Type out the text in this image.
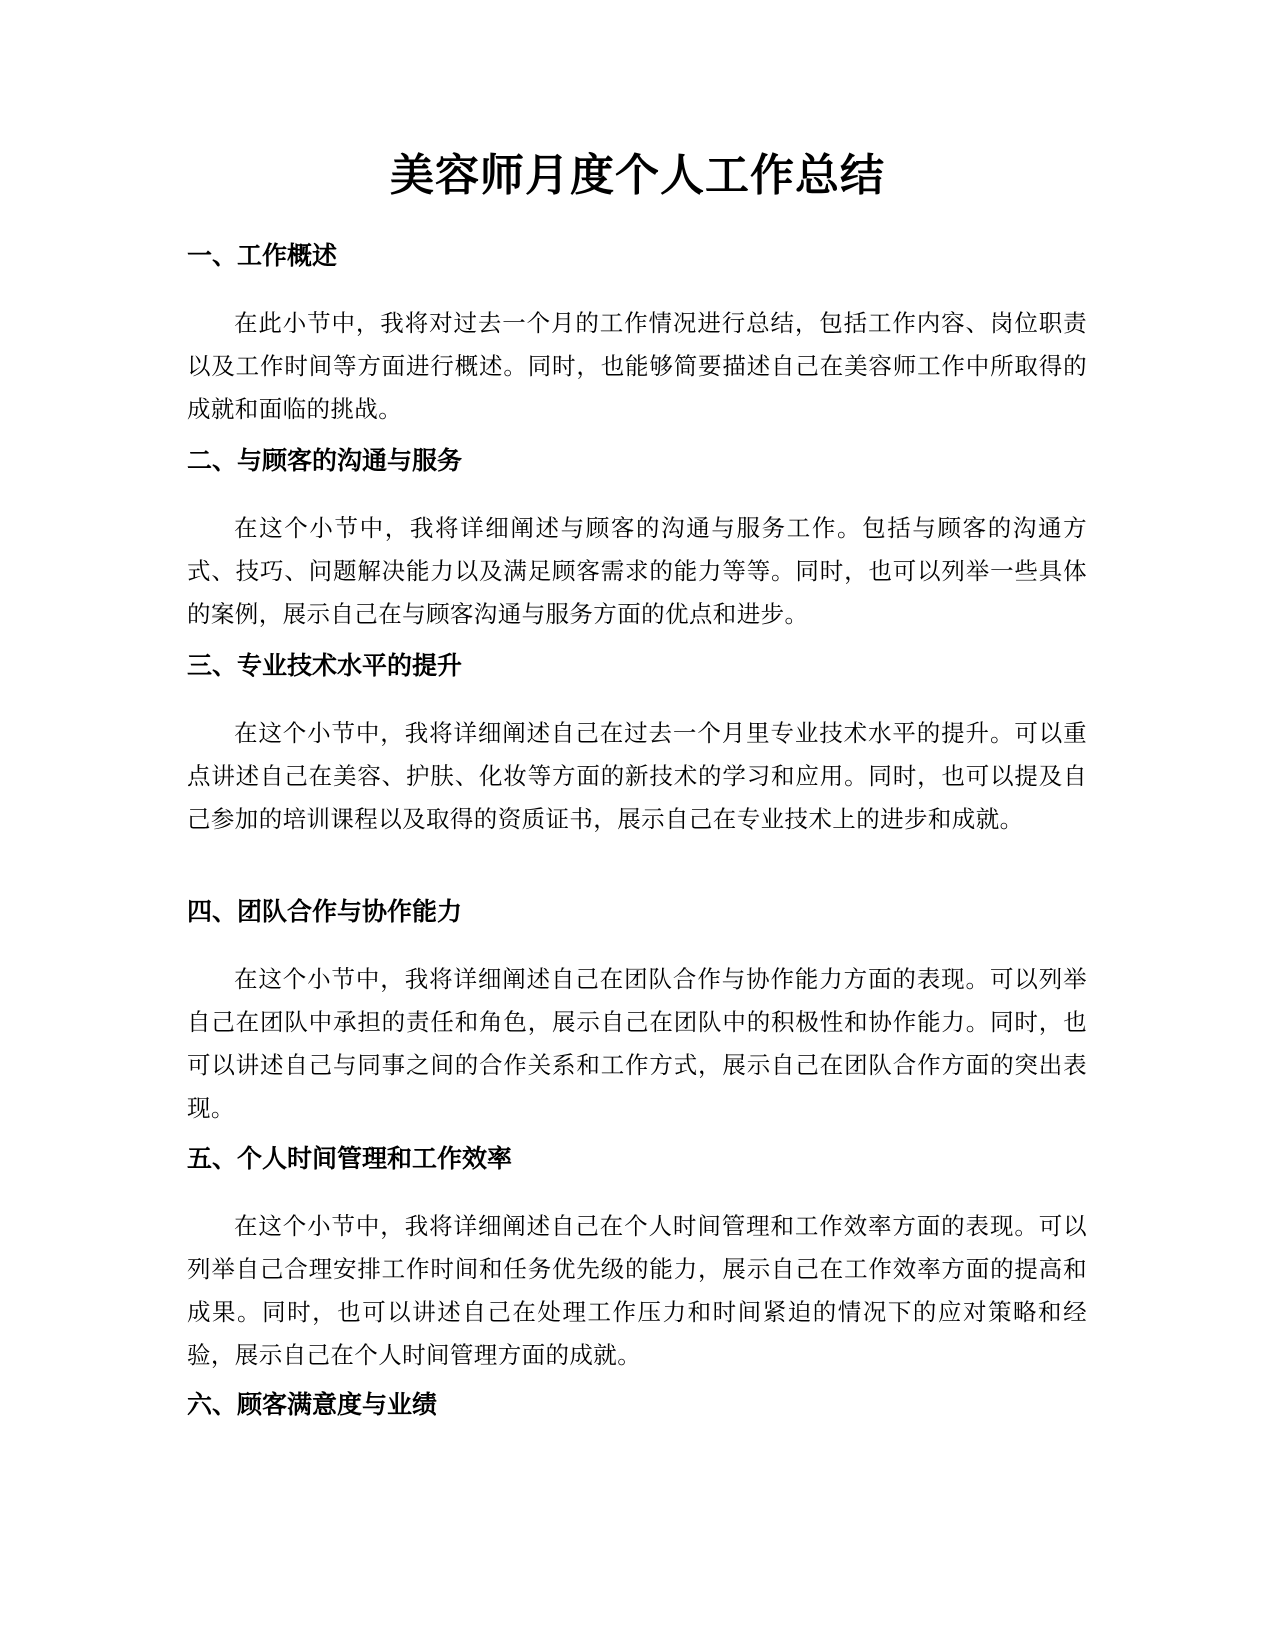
美容师月度个人工作总结
一、工作概述

在此小节中，我将对过去一个月的工作情况进行总结，包括工作内容、岗位职责以及工作时间等方面进行概述。同时，也能够简要描述自己在美容师工作中所取得的成就和面临的挑战。

二、与顾客的沟通与服务

在这个小节中，我将详细阐述与顾客的沟通与服务工作。包括与顾客的沟通方式、技巧、问题解决能力以及满足顾客需求的能力等等。同时，也可以列举一些具体的案例，展示自己在与顾客沟通与服务方面的优点和进步。

三、专业技术水平的提升

在这个小节中，我将详细阐述自己在过去一个月里专业技术水平的提升。可以重点讲述自己在美容、护肤、化妆等方面的新技术的学习和应用。同时，也可以提及自己参加的培训课程以及取得的资质证书，展示自己在专业技术上的进步和成就。

四、团队合作与协作能力

在这个小节中，我将详细阐述自己在团队合作与协作能力方面的表现。可以列举自己在团队中承担的责任和角色，展示自己在团队中的积极性和协作能力。同时，也可以讲述自己与同事之间的合作关系和工作方式，展示自己在团队合作方面的突出表现。

五、个人时间管理和工作效率

在这个小节中，我将详细阐述自己在个人时间管理和工作效率方面的表现。可以列举自己合理安排工作时间和任务优先级的能力，展示自己在工作效率方面的提高和成果。同时，也可以讲述自己在处理工作压力和时间紧迫的情况下的应对策略和经验，展示自己在个人时间管理方面的成就。

六、顾客满意度与业绩
